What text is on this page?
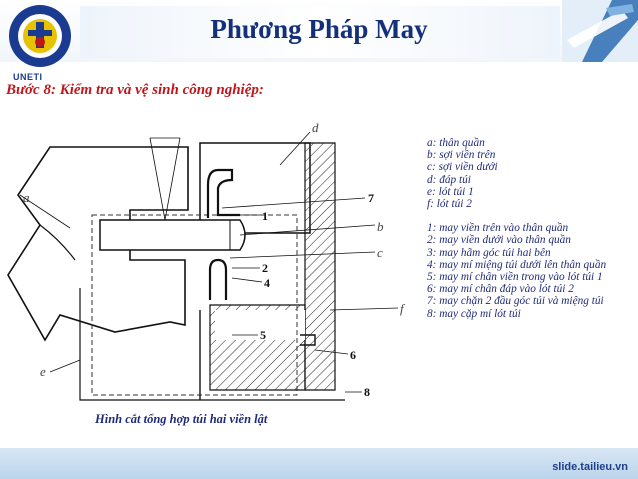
UNETI
Phương Pháp May
Bước 8: Kiểm tra và vệ sinh công nghiệp:
a
d
b
c
f
e
7
1
2
4
5
6
8
Hình cắt tổng hợp túi hai viền lật
a: thân quần
b: sợi viền trên
c: sợi viền dưới
d: đáp túi
e: lót túi 1
f: lót túi 2
1: may viền trên vào thân quần
2: may viền dưới vào thân quần
3: may hãm góc túi hai bên
4: may mí miệng túi dưới lên thân quần
5: may mí chân viền trong vào lót túi 1
6: may mí chân đáp vào lót túi 2
7: may chặn 2 đầu góc túi và miệng túi
8: may cặp mí lót túi
slide.tailieu.vn
